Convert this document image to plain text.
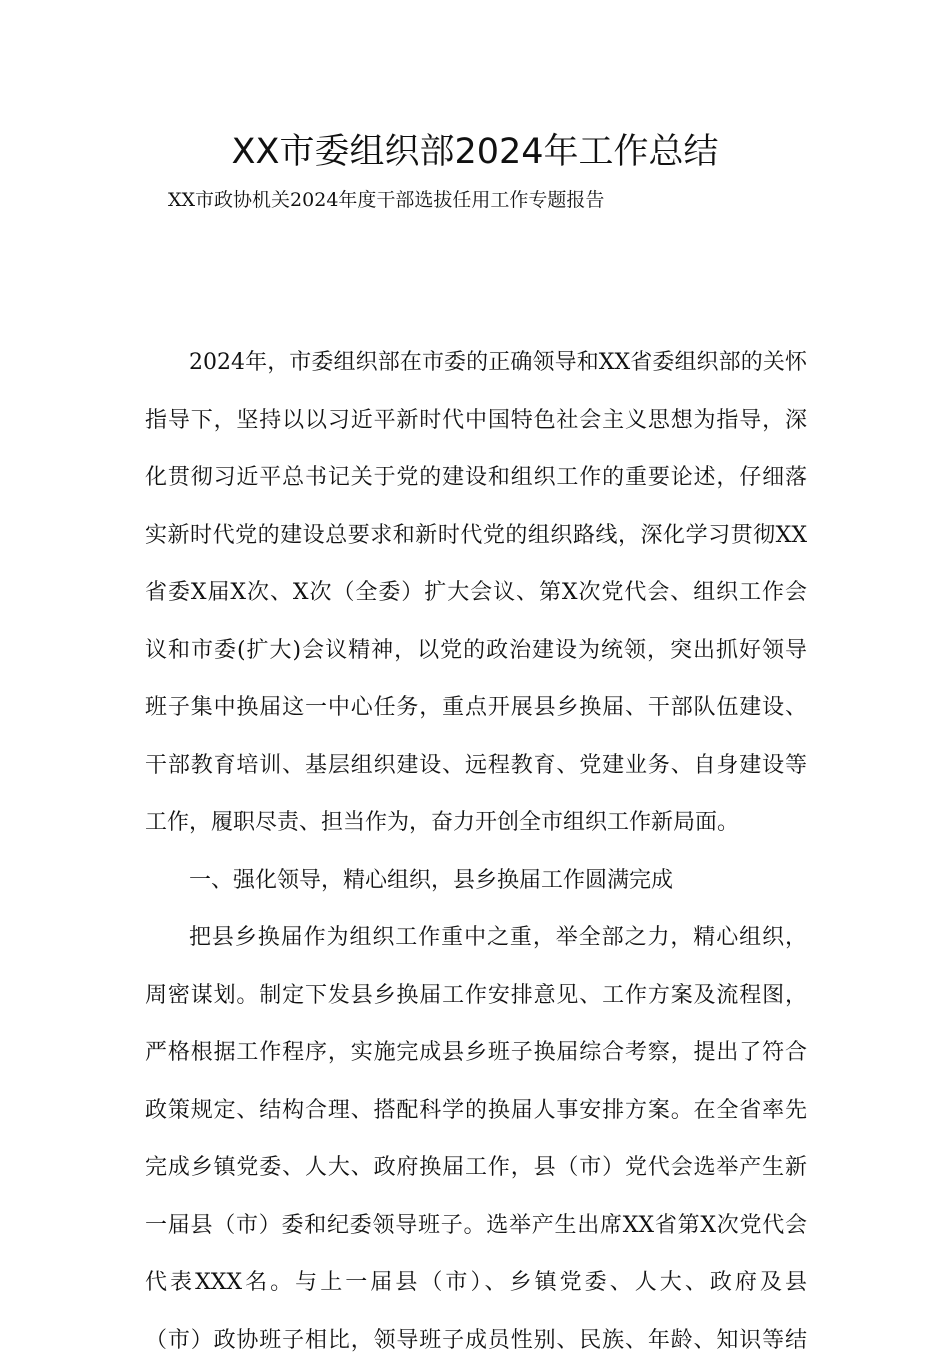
XX市委组织部2024年工作总结

XX市政协机关2024年度干部选拔任用工作专题报告

2024年，市委组织部在市委的正确领导和XX省委组织部的关怀
指导下，坚持以以习近平新时代中国特色社会主义思想为指导，深
化贯彻习近平总书记关于党的建设和组织工作的重要论述，仔细落
实新时代党的建设总要求和新时代党的组织路线，深化学习贯彻XX
省委X届X次、X次（全委）扩大会议、第X次党代会、组织工作会
议和市委(扩大)会议精神，以党的政治建设为统领，突出抓好领导
班子集中换届这一中心任务，重点开展县乡换届、干部队伍建设、
干部教育培训、基层组织建设、远程教育、党建业务、自身建设等
工作，履职尽责、担当作为，奋力开创全市组织工作新局面。
一、强化领导，精心组织，县乡换届工作圆满完成
把县乡换届作为组织工作重中之重，举全部之力，精心组织，
周密谋划。制定下发县乡换届工作安排意见、工作方案及流程图，
严格根据工作程序，实施完成县乡班子换届综合考察，提出了符合
政策规定、结构合理、搭配科学的换届人事安排方案。在全省率先
完成乡镇党委、人大、政府换届工作，县（市）党代会选举产生新
一届县（市）委和纪委领导班子。选举产生出席XX省第X次党代会
代表XXX名。与上一届县（市）、乡镇党委、人大、政府及县
（市）政协班子相比，领导班子成员性别、民族、年龄、知识等结
